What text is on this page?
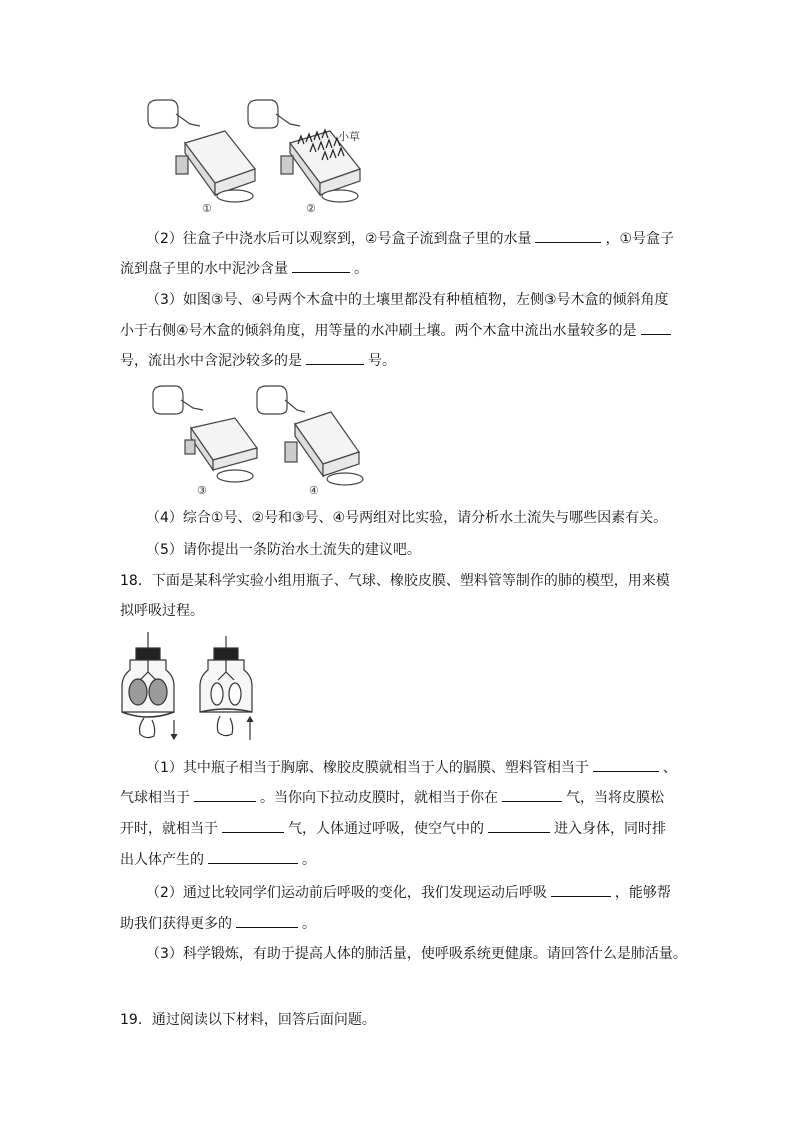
小草
①	②
（2）往盒子中浇水后可以观察到，②号盒子流到盘子里的水量	，①号盒子
流到盘子里的水中泥沙含量	。
（3）如图③号、④号两个木盒中的土壤里都没有种植植物，左侧③号木盒的倾斜角度
小于右侧④号木盒的倾斜角度，用等量的水冲刷土壤。两个木盒中流出水量较多的是
号，流出水中含泥沙较多的是	号。
③	④
（4）综合①号、②号和③号、④号两组对比实验，请分析水土流失与哪些因素有关。
（5）请你提出一条防治水土流失的建议吧。
18．下面是某科学实验小组用瓶子、气球、橡胶皮膜、塑料管等制作的肺的模型，用来模
拟呼吸过程。
（1）其中瓶子相当于胸廓、橡胶皮膜就相当于人的膈膜、塑料管相当于	、
气球相当于	。当你向下拉动皮膜时，就相当于你在	气，当将皮膜松
开时，就相当于	气，人体通过呼吸，使空气中的	进入身体，同时排
出人体产生的	。
（2）通过比较同学们运动前后呼吸的变化，我们发现运动后呼吸	，能够帮
助我们获得更多的	。
（3）科学锻炼，有助于提高人体的肺活量，使呼吸系统更健康。请回答什么是肺活量。
19．通过阅读以下材料，回答后面问题。
